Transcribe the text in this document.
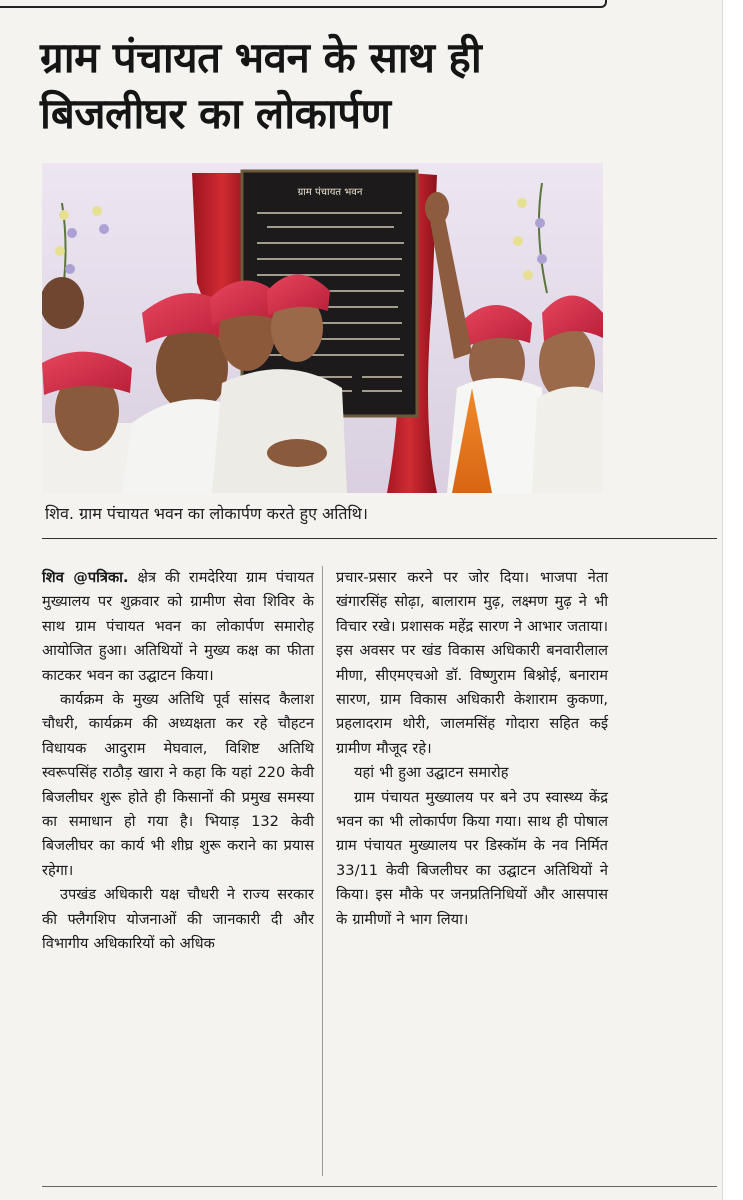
ग्राम पंचायत भवन के साथ ही
बिजलीघर का लोकार्पण
ग्राम पंचायत भवन
शिव. ग्राम पंचायत भवन का लोकार्पण करते हुए अतिथि।

शिव @पत्रिका. क्षेत्र की रामदेरिया ग्राम पंचायत मुख्यालय पर शुक्रवार को ग्रामीण सेवा शिविर के साथ ग्राम पंचायत भवन का लोकार्पण समारोह आयोजित हुआ। अतिथियों ने मुख्य कक्ष का फीता काटकर भवन का उद्घाटन किया।

कार्यक्रम के मुख्य अतिथि पूर्व सांसद कैलाश चौधरी, कार्यक्रम की अध्यक्षता कर रहे चौहटन विधायक आदुराम मेघवाल, विशिष्ट अतिथि स्वरूपसिंह राठौड़ खारा ने कहा कि यहां 220 केवी बिजलीघर शुरू होते ही किसानों की प्रमुख समस्या का समाधान हो गया है। भियाड़ 132 केवी बिजलीघर का कार्य भी शीघ्र शुरू कराने का प्रयास रहेगा।

उपखंड अधिकारी यक्ष चौधरी ने राज्य सरकार की फ्लैगशिप योजनाओं की जानकारी दी और विभागीय अधिकारियों को अधिक

प्रचार-प्रसार करने पर जोर दिया। भाजपा नेता खंगारसिंह सोढ़ा, बालाराम मुढ़, लक्ष्मण मुढ़ ने भी विचार रखे। प्रशासक महेंद्र सारण ने आभार जताया। इस अवसर पर खंड विकास अधिकारी बनवारीलाल मीणा, सीएमएचओ डॉ. विष्णुराम बिश्नोई, बनाराम सारण, ग्राम विकास अधिकारी केशाराम कुकणा, प्रहलादराम थोरी, जालमसिंह गोदारा सहित कई ग्रामीण मौजूद रहे।

यहां भी हुआ उद्घाटन समारोह

ग्राम पंचायत मुख्यालय पर बने उप स्वास्थ्य केंद्र भवन का भी लोकार्पण किया गया। साथ ही पोषाल ग्राम पंचायत मुख्यालय पर डिस्कॉम के नव निर्मित 33/11 केवी बिजलीघर का उद्घाटन अतिथियों ने किया। इस मौके पर जनप्रतिनिधियों और आसपास के ग्रामीणों ने भाग लिया।
